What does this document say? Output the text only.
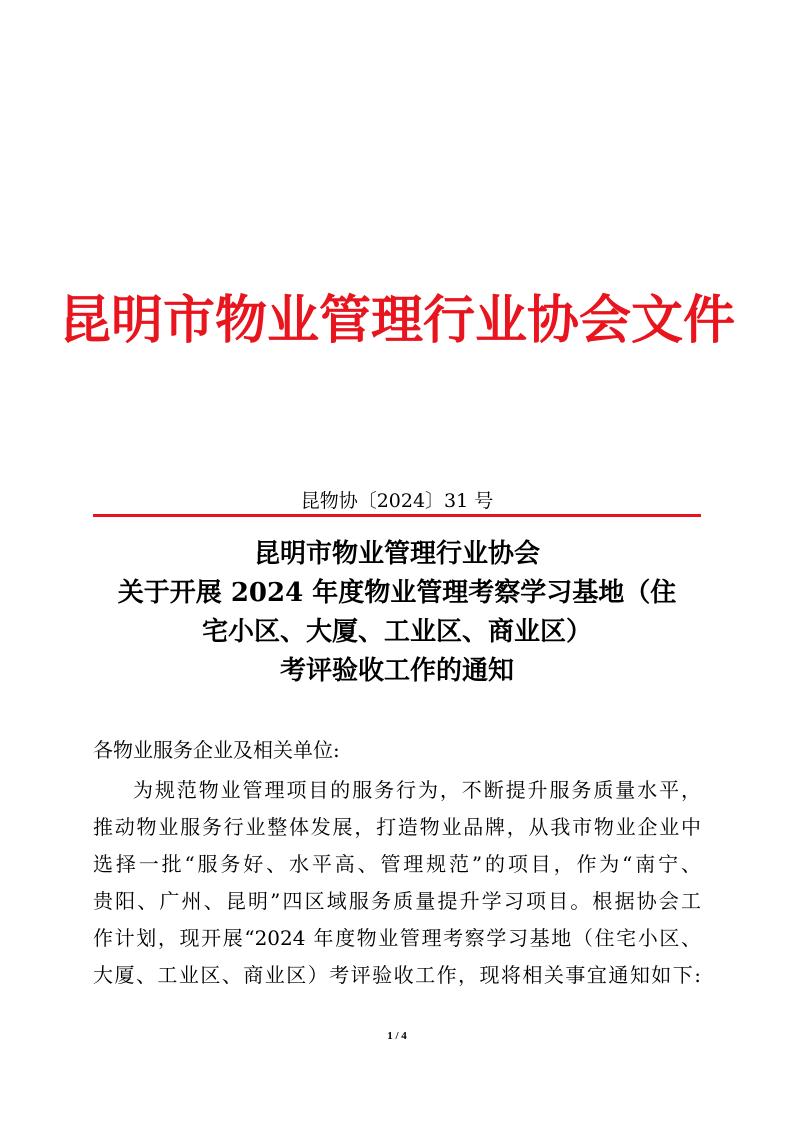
昆明市物业管理行业协会文件
昆物协〔2024〕31 号
昆明市物业管理行业协会
关于开展 2024 年度物业管理考察学习基地（住
宅小区、大厦、工业区、商业区）
考评验收工作的通知
各物业服务企业及相关单位:
为规范物业管理项目的服务行为，不断提升服务质量水平，
推动物业服务行业整体发展，打造物业品牌，从我市物业企业中
选择一批“服务好、水平高、管理规范”的项目，作为“南宁、
贵阳、广州、昆明”四区域服务质量提升学习项目。根据协会工
作计划，现开展“2024 年度物业管理考察学习基地（住宅小区、
大厦、工业区、商业区）考评验收工作，现将相关事宜通知如下:
1 / 4
